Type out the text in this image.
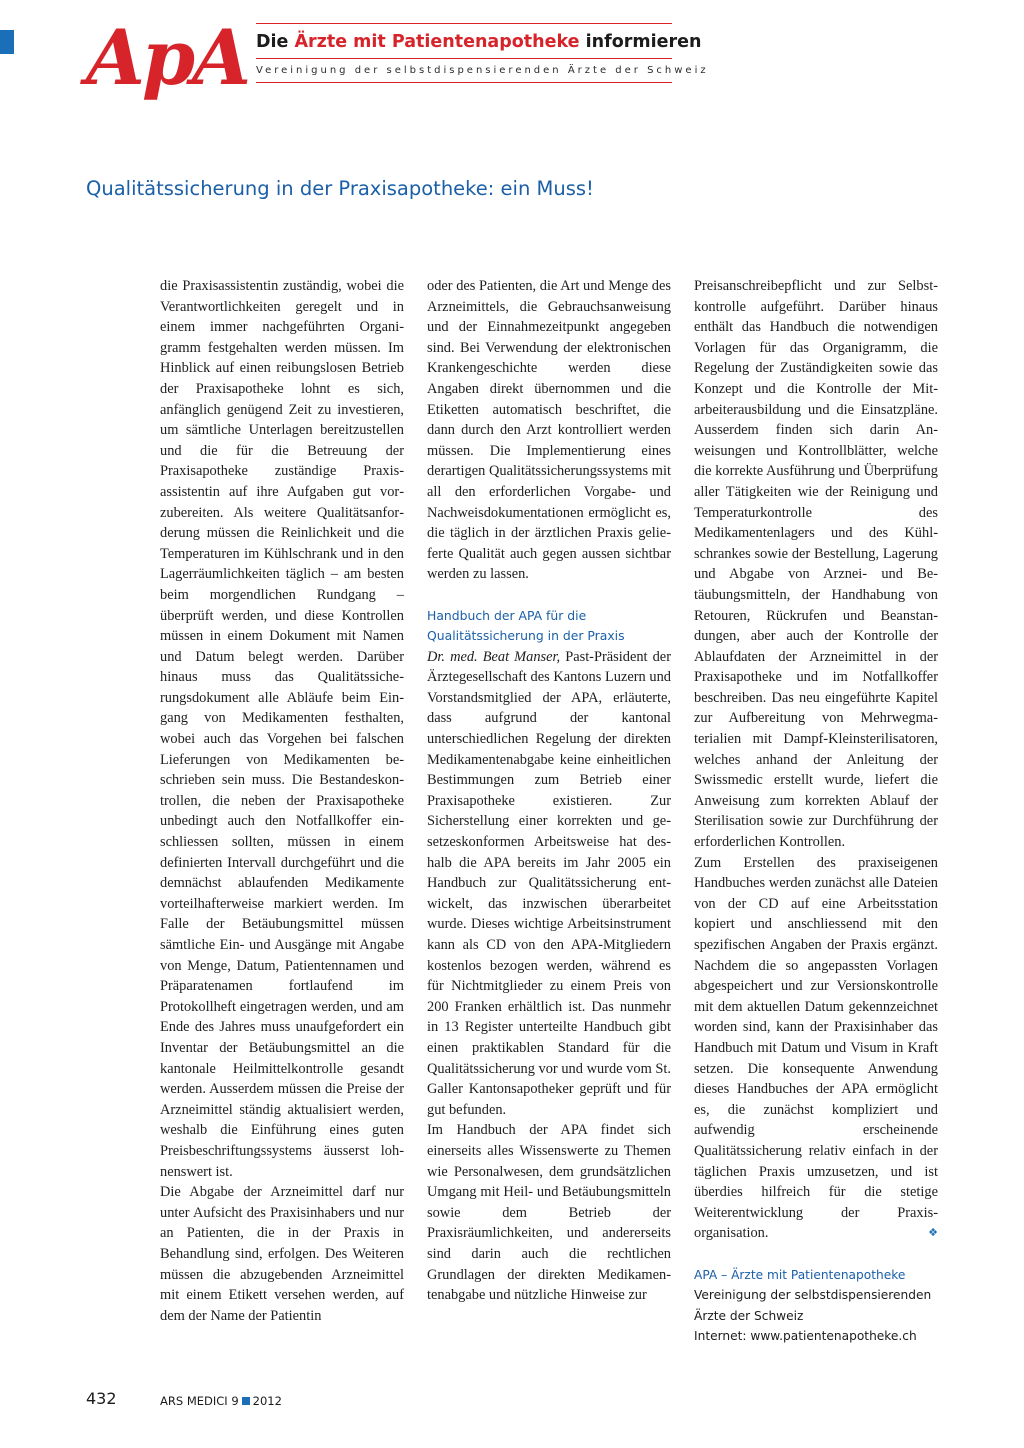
ApA Die Ärzte mit Patientenapotheke informieren
Vereinigung der selbstdispensierenden Ärzte der Schweiz
Qualitätssicherung in der Praxisapotheke: ein Muss!

die Praxisassistentin zuständig, wobei die Verantwortlichkeiten geregelt und in einem immer nachgeführten Organigramm festgehalten werden müssen. Im Hinblick auf einen reibungslosen Betrieb der Praxisapotheke lohnt es sich, anfänglich genügend Zeit zu investieren, um sämtliche Unterlagen bereitzustellen und die für die Betreuung der Praxisapotheke zuständige Praxisassistentin auf ihre Aufgaben gut vorzubereiten. Als weitere Qualitätsanforderung müssen die Reinlichkeit und die Temperaturen im Kühlschrank und in den Lagerräumlichkeiten täglich – am besten beim morgendlichen Rundgang – überprüft werden, und diese Kontrollen müssen in einem Dokument mit Namen und Datum belegt werden. Darüber hinaus muss das Qualitätssicherungsdokument alle Abläufe beim Eingang von Medikamenten festhalten, wobei auch das Vorgehen bei falschen Lieferungen von Medikamenten beschrieben sein muss. Die Bestandeskontrollen, die neben der Praxisapotheke unbedingt auch den Notfallkoffer einschliessen sollten, müssen in einem definierten Intervall durchgeführt und die demnächst ablaufenden Medikamente vorteilhafterweise markiert werden. Im Falle der Betäubungsmittel müssen sämtliche Ein- und Ausgänge mit Angabe von Menge, Datum, Patientennamen und Präparatenamen fortlaufend im Protokollheft eingetragen werden, und am Ende des Jahres muss unaufgefordert ein Inventar der Betäubungsmittel an die kantonale Heilmittelkontrolle gesandt werden. Ausserdem müssen die Preise der Arzneimittel ständig aktualisiert werden, weshalb die Einführung eines guten Preisbeschriftungssystems äusserst lohnenswert ist.

Die Abgabe der Arzneimittel darf nur unter Aufsicht des Praxisinhabers und nur an Patienten, die in der Praxis in Behandlung sind, erfolgen. Des Weiteren müssen die abzugebenden Arzneimittel mit einem Etikett versehen werden, auf dem der Name der Patientin

oder des Patienten, die Art und Menge des Arzneimittels, die Gebrauchsanweisung und der Einnahmezeitpunkt angegeben sind. Bei Verwendung der elektronischen Krankengeschichte werden diese Angaben direkt übernommen und die Etiketten automatisch beschriftet, die dann durch den Arzt kontrolliert werden müssen. Die Implementierung eines derartigen Qualitätssicherungssystems mit all den erforderlichen Vorgabe- und Nachweisdokumentationen ermöglicht es, die täglich in der ärztlichen Praxis gelieferte Qualität auch gegen aussen sichtbar werden zu lassen.

Handbuch der APA für die
Qualitätssicherung in der Praxis

Dr. med. Beat Manser, Past-Präsident der Ärztegesellschaft des Kantons Luzern und Vorstandsmitglied der APA, erläuterte, dass aufgrund der kantonal unterschiedlichen Regelung der direkten Medikamentenabgabe keine einheitlichen Bestimmungen zum Betrieb einer Praxisapotheke existieren. Zur Sicherstellung einer korrekten und gesetzeskonformen Arbeitsweise hat deshalb die APA bereits im Jahr 2005 ein Handbuch zur Qualitätssicherung entwickelt, das inzwischen überarbeitet wurde. Dieses wichtige Arbeitsinstrument kann als CD von den APA-Mitgliedern kostenlos bezogen werden, während es für Nichtmitglieder zu einem Preis von 200 Franken erhältlich ist. Das nunmehr in 13 Register unterteilte Handbuch gibt einen praktikablen Standard für die Qualitätssicherung vor und wurde vom St. Galler Kantonsapotheker geprüft und für gut befunden.

Im Handbuch der APA findet sich einerseits alles Wissenswerte zu Themen wie Personalwesen, dem grundsätzlichen Umgang mit Heil- und Betäubungsmitteln sowie dem Betrieb der Praxisräumlichkeiten, und andererseits sind darin auch die rechtlichen Grundlagen der direkten Medikamentenabgabe und nützliche Hinweise zur

Preisanschreibepflicht und zur Selbstkontrolle aufgeführt. Darüber hinaus enthält das Handbuch die notwendigen Vorlagen für das Organigramm, die Regelung der Zuständigkeiten sowie das Konzept und die Kontrolle der Mitarbeiterausbildung und die Einsatzpläne. Ausserdem finden sich darin Anweisungen und Kontrollblätter, welche die korrekte Ausführung und Überprüfung aller Tätigkeiten wie der Reinigung und Temperaturkontrolle des Medikamentenlagers und des Kühlschrankes sowie der Bestellung, Lagerung und Abgabe von Arznei- und Betäubungsmitteln, der Handhabung von Retouren, Rückrufen und Beanstandungen, aber auch der Kontrolle der Ablaufdaten der Arzneimittel in der Praxisapotheke und im Notfallkoffer beschreiben. Das neu eingeführte Kapitel zur Aufbereitung von Mehrwegmaterialien mit Dampf-Kleinsterilisatoren, welches anhand der Anleitung der Swissmedic erstellt wurde, liefert die Anweisung zum korrekten Ablauf der Sterilisation sowie zur Durchführung der erforderlichen Kontrollen.

Zum Erstellen des praxiseigenen Handbuches werden zunächst alle Dateien von der CD auf eine Arbeitsstation kopiert und anschliessend mit den spezifischen Angaben der Praxis ergänzt. Nachdem die so angepassten Vorlagen abgespeichert und zur Versionskontrolle mit dem aktuellen Datum gekennzeichnet worden sind, kann der Praxisinhaber das Handbuch mit Datum und Visum in Kraft setzen. Die konsequente Anwendung dieses Handbuches der APA ermöglicht es, die zunächst kompliziert und aufwendig erscheinende Qualitätssicherung relativ einfach in der täglichen Praxis umzusetzen, und ist überdies hilfreich für die stetige Weiterentwicklung der Praxisorganisation.	❖

APA – Ärzte mit Patientenapotheke
Vereinigung der selbstdispensierenden
Ärzte der Schweiz
Internet: www.patientenapotheke.ch
432	ARS MEDICI 9 2012
